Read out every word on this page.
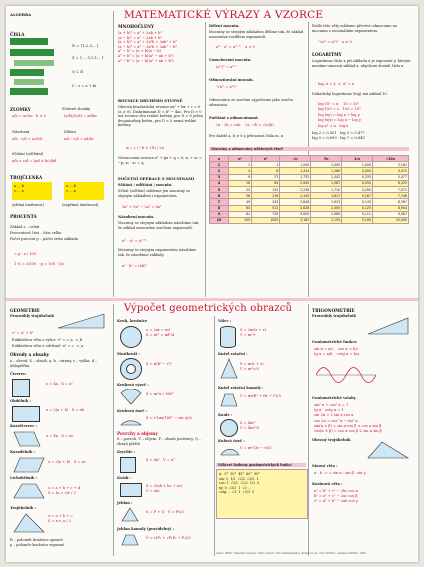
MATEMATICKÉ VÝRAZY A VZORCE
ALGEBRA
ČÍSLA
N = {1,2,3,...}
Z = {...,-1,0,1,...}
Q ⊂ R
C : z = a + bi
ZLOMKY	Složené zlomky
a/b = ac/bc   b ≠ 0	(a/b)/(c/d) = ad/bc
Násobení	Dělení
a/b · c/d = ac/bd	a/b : c/d = ad/bc
Sčítání (odčítání)
a/b ± c/d = (ad ± bc)/bd
TROJČLENKA
a ... b
c ... x
a ... b
c ... x
(přímá úměrnost)	(nepřímá úměrnost)
PROCENTA
Základ z – celek
Procentová část – část celku
Počet procent p – počet setin základu
= p · z / 100
1 % = z/100    p = 100 · č/z
MNOHOČLENY
(a + b)² = a² + 2ab + b²
(a − b)² = a² − 2ab + b²
(a + b)³ = a³ + 3a²b + 3ab² + b³
(a − b)³ = a³ − 3a²b + 3ab² − b³
a² − b² = (a + b)(a − b)
a³ + b³ = (a + b)(a² − ab + b²)
a³ − b³ = (a − b)(a² + ab + b²)
ROVNICE DRUHÉHO STUPNĚ
Obecná kvadratická rovnice ax² + bx + c = 0 (a ≠ 0). Diskriminant D = b² − 4ac. Pro D > 0 má rovnice dva reálné kořeny, pro D = 0 jeden dvojnásobný kořen, pro D < 0 nemá reálné kořeny.
x₁,₂ = (−b ± √D) / 2a
Normovaná rovnice x² + px + q = 0; x₁ + x₂ = −p, x₁ · x₂ = q.
POČETNÍ OPERACE S MOCNINAMI
Sčítání / odčítání / mocnin.
Sčítat (odčítat) můžeme jen mocniny se stejným základem i exponentem.
3a² + 5a² − 2a² = 6a²
Násobení mocnin.
Mocniny se stejným základem násobíme tak, že základ umocníme součtem exponentů.
aᵐ · aⁿ = aᵐ⁺ⁿ
Mocniny se stejným exponentem násobíme tak, že násobíme základy.
aⁿ · bⁿ = (ab)ⁿ
Dělení mocnin.
Mocniny se stejným základem dělíme tak, že základ umocníme rozdílem exponentů.
aᵐ : aⁿ = aᵐ⁻ⁿ    a ≠ 0
Umocňování mocnin.
(aᵐ)ⁿ = aᵐⁿ
Odmocňování mocnin.
ⁿ√aᵐ = aᵐ/ⁿ
Odmocninu ze součinu vypočteme jako součin odmocnin.
Počítání s odmocninami.
√a · √b = √ab    √a : √b = √(a/b)
Pro každé a, b ≥ 0 a přirozená čísla m, n.
Mocniny a odmocniny některých čísel
n	n²	n³	√n	∛n	1/n	√10n
1	1	1	1,000	1,000	1,000	3,162
2	4	8	1,414	1,260	0,500	4,472
3	9	27	1,732	1,442	0,333	5,477
4	16	64	2,000	1,587	0,250	6,325
5	25	125	2,236	1,710	0,200	7,071
6	36	216	2,449	1,817	0,167	7,746
7	49	343	2,646	1,913	0,143	8,367
8	64	512	2,828	2,000	0,125	8,944
9	81	729	3,000	2,080	0,111	9,487
10	100	1000	3,162	2,154	0,100	10,000
Podle této věty můžeme převést odmocninu na mocninu s racionálním exponentem.
ⁿ√aᵐ = aᵐ/ⁿ   a ≥ 0
LOGARITMY
Logaritmus čísla x při základu a je exponent y, kterým musíme umocnit základ a, abychom dostali číslo x.
logₐ x = y  ⇔  aʸ = x
Dekadický logaritmus (log) má základ 10.
log 10ⁿ = n    10 = 10¹
log 100 = 2   100 = 10²
log (xy) = log x + log y
log (x/y) = log x − log y
log xⁿ = n · log x
log 2 = 0,301   log 3 = 0,477
log 5 = 0,699   log 7 = 0,845
Výpočet geometrických obrazců
GEOMETRIE
Pravoúhlý trojúhelník
c² = a² + b²
Eukleidova věta o výšce: v² = c_a · c_b
Eukleidova věta o odvěsně: a² = c · c_a
Obvody a obsahy
o – obvod, S – obsah, a, b – strany, v – výška, d – úhlopříčka
Čtverec:
o = 4a   S = a²
Obdélník :
o = 2(a + b)   S = ab
Kosočtverec :
o = 4a   S = av
Kosodélník :
o = 2(a + b)   S = av
Lichoběžník :
o = a + b + c + d
S = (a + c)v / 2
Trojúhelník :
o = a + b + c
S = a·v_a / 2
R – poloměr kružnice opsané
ρ – poloměr kružnice vepsané
Kruh, kružnice
o = 2πr = πd
S = πr² = πd²/4
Mezikruží :
S = π(R² − r²)
Kruhová výseč :
S = πr²α / 360°
Kruhová úseč :
S = r²(πα/180° − sin α)/2
Povrchy a objemy
S – povrch, V – objem, P – obsah podstavy, Q – obsah pláště
Krychle :
S = 6a²   V = a³
Kvádr :
S = 2(ab + bc + ac)
V = abc
Jehlan :
S = P + Q   V = Pv/3
Jehlan komolý (pravidelný) :
V = v(P₁ + √P₁P₂ + P₂)/3
Válec :
S = 2πr(r + v)
V = πr²v
Kužel rotační :
S = πr(r + s)
V = πr²v/3
Kužel rotační komolý :
V = πv(R² + Rr + r²)/3
Koule :
S = 4πr²
V = 4πr³/3
Kulová úseč :
V = πv²(3r − v)/3
Některé hodnoty goniometrických funkcí
α:  0°  30°  45°  60°  90°
sin: 0  1/2  √2/2  √3/2  1
cos: 1  √3/2  √2/2  1/2  0
tg: 0  √3/3  1  √3  –
cotg: –  √3  1  √3/3  0
TRIGONOMETRIE
Pravoúhlý trojúhelník
Goniometrické funkce
sin α = a/c    cos α = b/c
tg α = a/b    cotg α = b/a
Goniometrické vztahy
sin² α + cos² α = 1
tg α · cotg α = 1
sin 2α = 2 sin α cos α
cos 2α = cos² α − sin² α
sin(α ± β) = sin α cos β ± cos α sin β
cos(α ± β) = cos α cos β ∓ sin α sin β
Obecný trojúhelník
Sinová věta :
a : b : c = sin α : sin β : sin γ
Kosinová věta :
a² = b² + c² − 2bc cos α
b² = a² + c² − 2ac cos β
c² = a² + b² − 2ab cos γ
Autor: RNDr. Stanislav Nohejl, 1993, Vydalo: MC nakladatelství, Jiráskova 41, 621 00 Brno, známka XXXXX, 1995
